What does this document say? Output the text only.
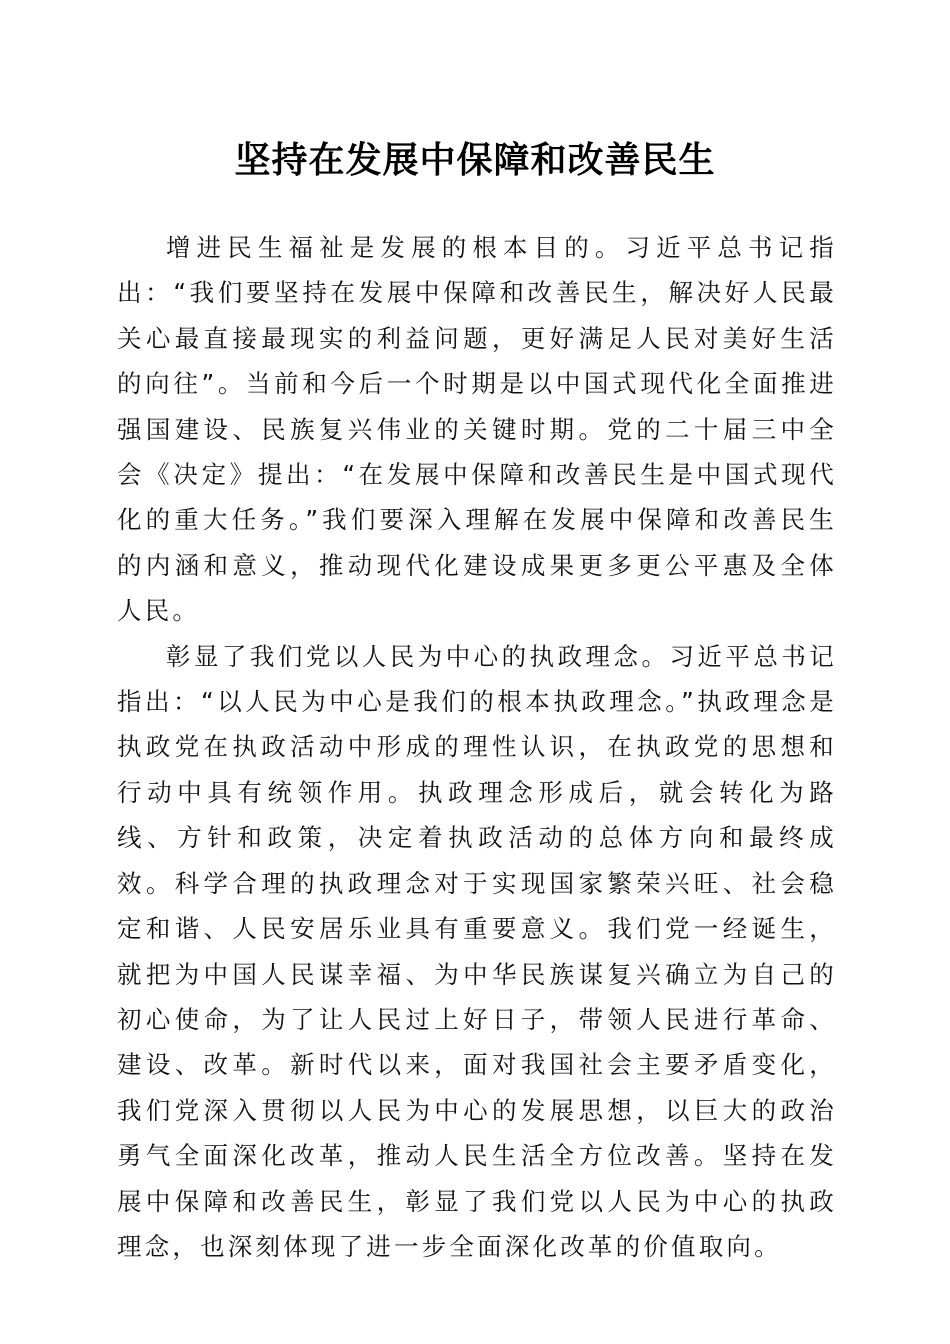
坚持在发展中保障和改善民生

增进民生福祉是发展的根本目的。习近平总书记指出：“我们要坚持在发展中保障和改善民生，解决好人民最关心最直接最现实的利益问题，更好满足人民对美好生活的向往”。当前和今后一个时期是以中国式现代化全面推进强国建设、民族复兴伟业的关键时期。党的二十届三中全会《决定》提出：“在发展中保障和改善民生是中国式现代化的重大任务。”我们要深入理解在发展中保障和改善民生的内涵和意义，推动现代化建设成果更多更公平惠及全体人民。

彰显了我们党以人民为中心的执政理念。习近平总书记指出：“以人民为中心是我们的根本执政理念。”执政理念是执政党在执政活动中形成的理性认识，在执政党的思想和行动中具有统领作用。执政理念形成后，就会转化为路线、方针和政策，决定着执政活动的总体方向和最终成效。科学合理的执政理念对于实现国家繁荣兴旺、社会稳定和谐、人民安居乐业具有重要意义。我们党一经诞生，就把为中国人民谋幸福、为中华民族谋复兴确立为自己的初心使命，为了让人民过上好日子，带领人民进行革命、建设、改革。新时代以来，面对我国社会主要矛盾变化，我们党深入贯彻以人民为中心的发展思想，以巨大的政治勇气全面深化改革，推动人民生活全方位改善。坚持在发展中保障和改善民生，彰显了我们党以人民为中心的执政理念，也深刻体现了进一步全面深化改革的价值取向。
